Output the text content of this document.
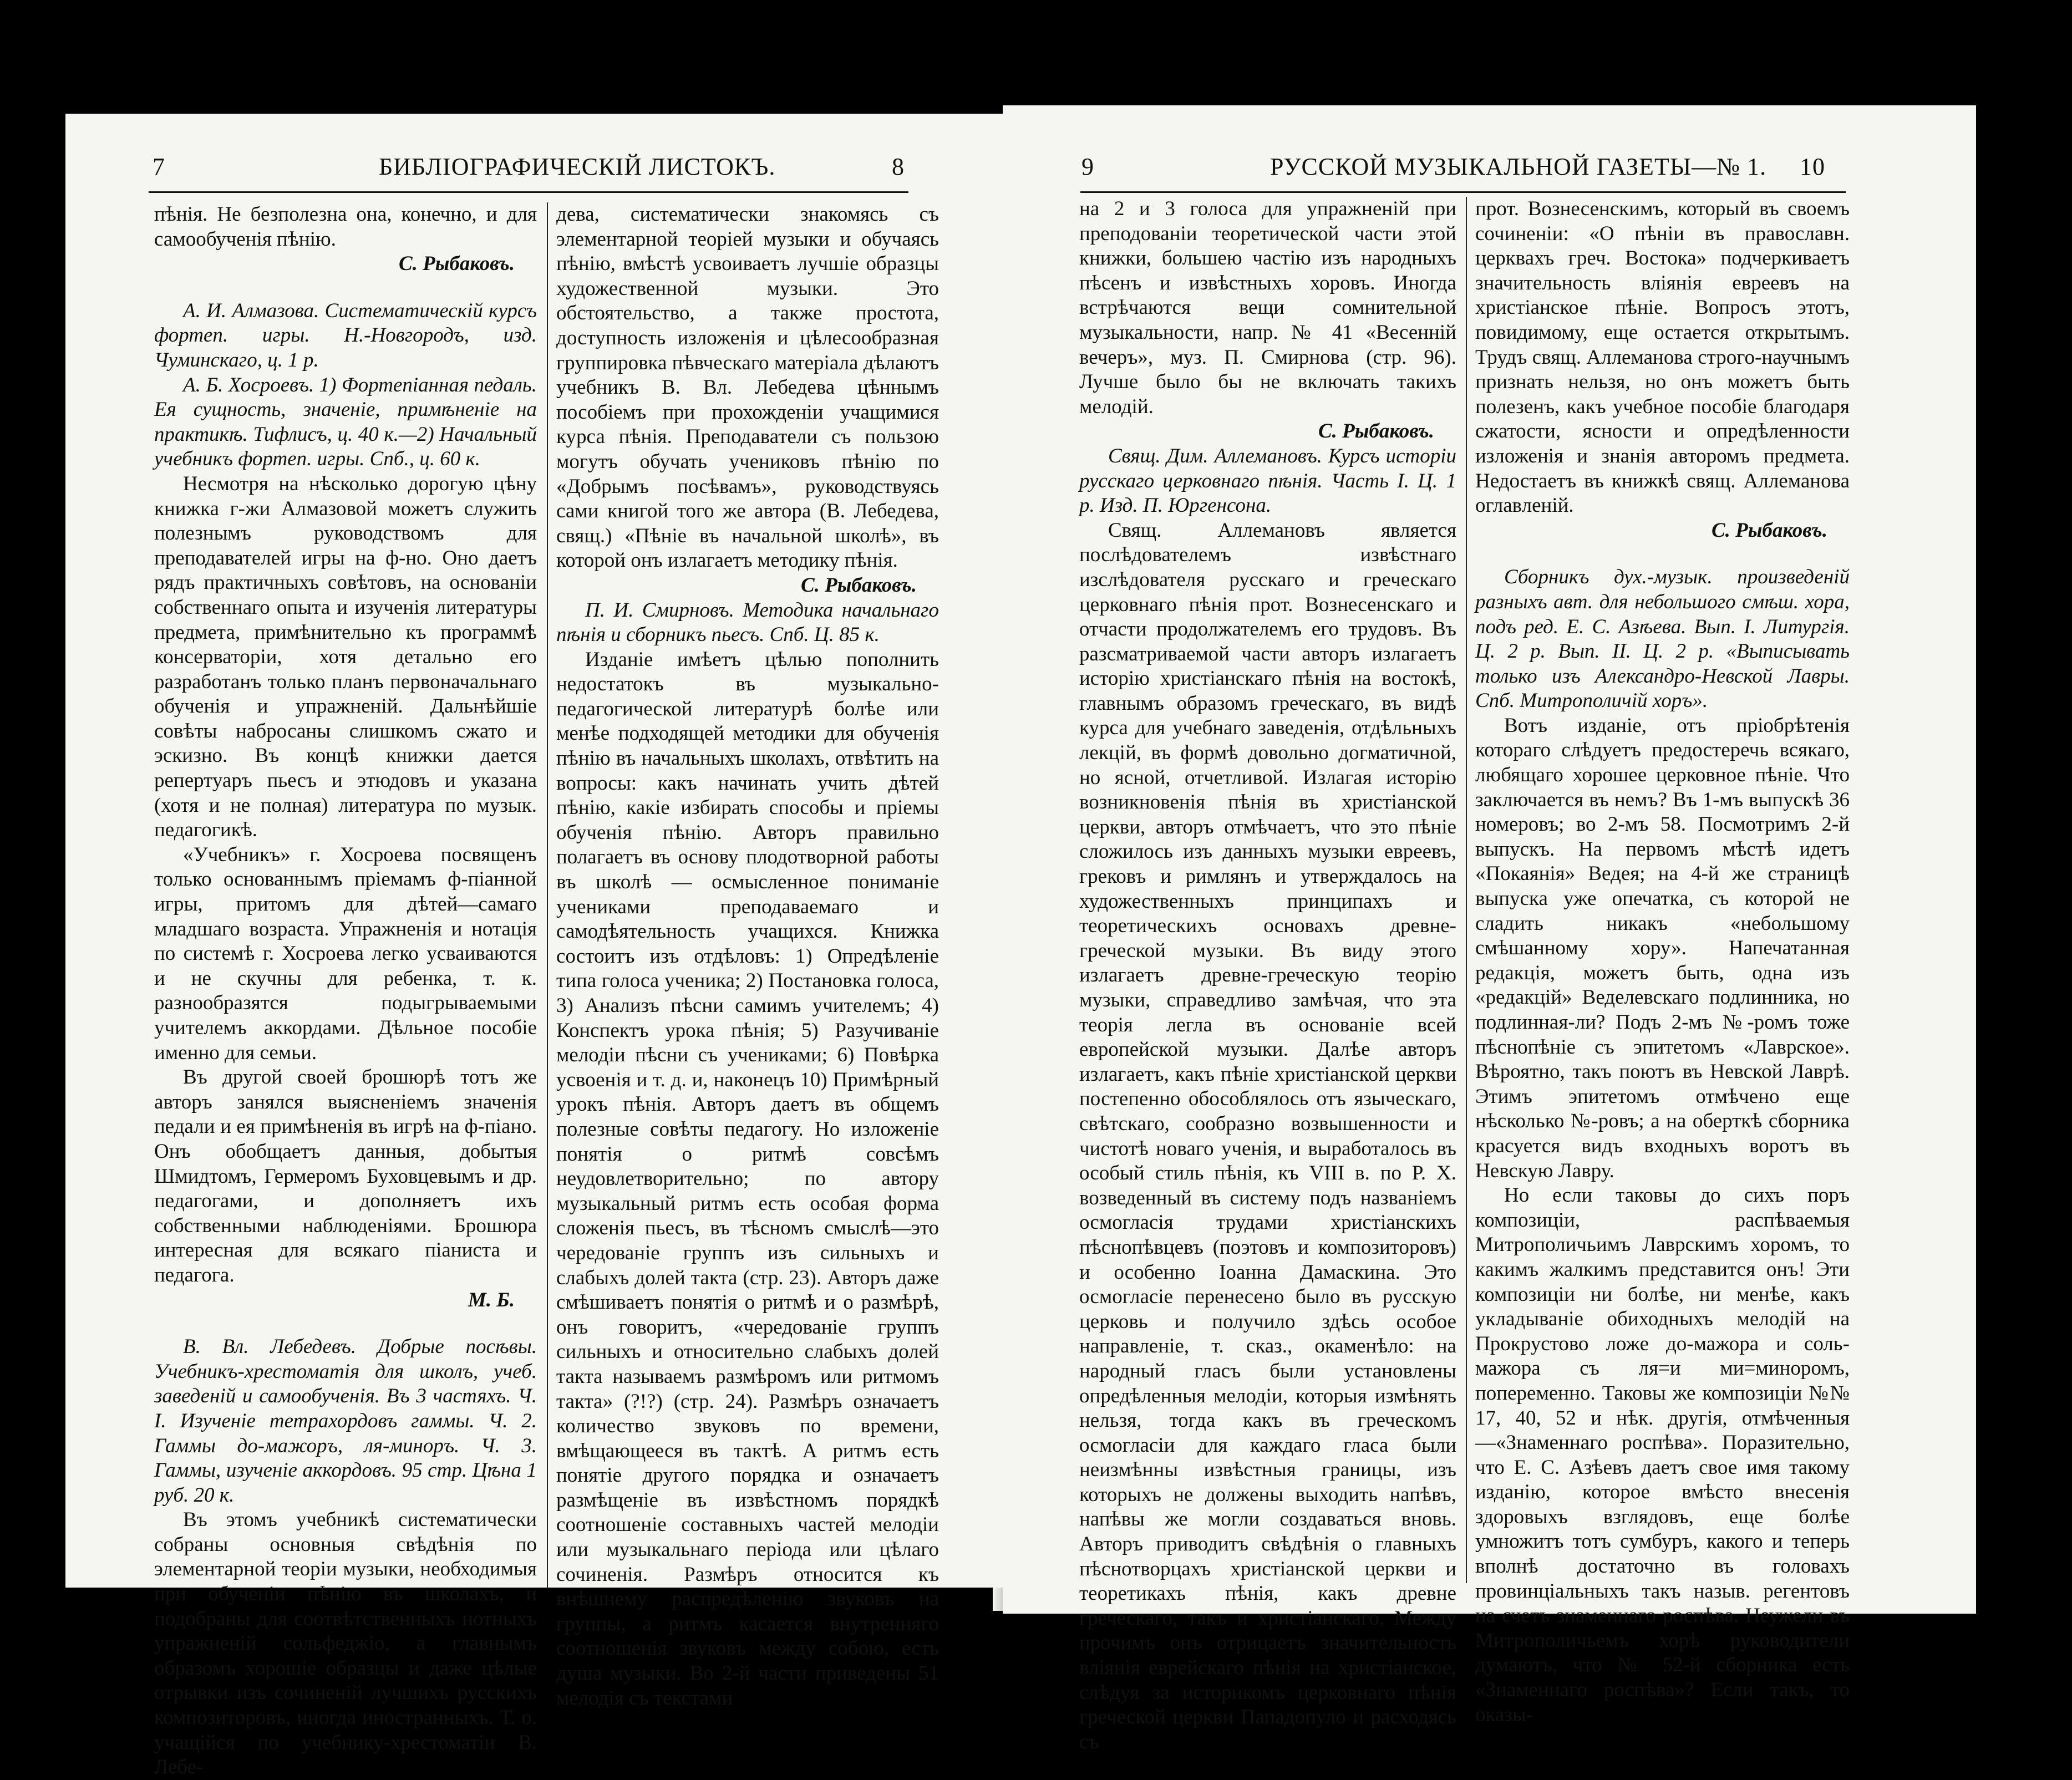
7	БИБЛІОГРАФИЧЕСКІЙ ЛИСТОКЪ.	8

пѣнія. Не безполезна она, конечно, и для самообученія пѣнію.

С. Рыбаковъ.

А. И. Алмазова. Систематическій курсъ фортеп. игры. Н.-Новгородъ, изд. Чуминскаго, ц. 1 р.

А. Б. Хосроевъ. 1) Фортепіанная педаль. Ея сущность, значеніе, примѣненіе на практикѣ. Тифлисъ, ц. 40 к.—2) Начальный учебникъ фортеп. игры. Спб., ц. 60 к.

Несмотря на нѣсколько дорогую цѣну книжка г-жи Алмазовой можетъ служить полезнымъ руководствомъ для преподавателей игры на ф-но. Оно даетъ рядъ практичныхъ совѣтовъ, на основаніи собственнаго опыта и изученія литературы предмета, примѣнительно къ программѣ консерваторіи, хотя детально его разработанъ только планъ первоначальнаго обученія и упражненій. Дальнѣйшіе совѣты набросаны слишкомъ сжато и эскизно. Въ концѣ книжки дается репертуаръ пьесъ и этюдовъ и указана (хотя и не полная) литература по музык. педагогикѣ.

«Учебникъ» г. Хосроева посвященъ только основаннымъ пріемамъ ф-піанной игры, притомъ для дѣтей—самаго младшаго возраста. Упражненія и нотація по системѣ г. Хосроева легко усваиваются и не скучны для ребенка, т. к. разнообразятся подыгрываемыми учителемъ аккордами. Дѣльное пособіе именно для семьи.

Въ другой своей брошюрѣ тотъ же авторъ занялся выясненіемъ значенія педали и ея примѣненія въ игрѣ на ф-піано. Онъ обобщаетъ данныя, добытыя Шмидтомъ, Гермеромъ Буховцевымъ и др. педагогами, и дополняетъ ихъ собственными наблюденіями. Брошюра интересная для всякаго піаниста и педагога.

М. Б.

В. Вл. Лебедевъ. Добрые посѣвы. Учебникъ-хрестоматія для школъ, учеб. заведеній и самообученія. Въ 3 частяхъ. Ч. I. Изученіе тетрахордовъ гаммы. Ч. 2. Гаммы до-мажоръ, ля-миноръ. Ч. 3. Гаммы, изученіе аккордовъ. 95 стр. Цѣна 1 руб. 20 к.

Въ этомъ учебникѣ систематически собраны основныя свѣдѣнія по элементарной теоріи музыки, необходимыя при обученіи пѣнію въ школахъ, и подобраны для соотвѣтственныхъ нотныхъ упражненій сольфеджіо, а главнымъ образомъ хорошіе образцы и даже цѣлые отрывки изъ сочиненій лучшихъ русскихъ композиторовъ, иногда иностранныхъ. Т. о. учащійся по учебнику-хрестоматіи В. Лебе-

дева, систематически знакомясь съ элементарной теоріей музыки и обучаясь пѣнію, вмѣстѣ усвоиваетъ лучшіе образцы художественной музыки. Это обстоятельство, а также простота, доступность изложенія и цѣлесообразная группировка пѣвческаго матеріала дѣлаютъ учебникъ В. Вл. Лебедева цѣннымъ пособіемъ при прохожденіи учащимися курса пѣнія. Преподаватели съ пользою могутъ обучать учениковъ пѣнію по «Добрымъ посѣвамъ», руководствуясь сами книгой того же автора (В. Лебедева, свящ.) «Пѣніе въ начальной школѣ», въ которой онъ излагаетъ методику пѣнія.

С. Рыбаковъ.

П. И. Смирновъ. Методика начальнаго пѣнія и сборникъ пьесъ. Спб. Ц. 85 к.

Изданіе имѣетъ цѣлью пополнить недостатокъ въ музыкально-педагогической литературѣ болѣе или менѣе подходящей методики для обученія пѣнію въ начальныхъ школахъ, отвѣтить на вопросы: какъ начинать учить дѣтей пѣнію, какіе избирать способы и пріемы обученія пѣнію. Авторъ правильно полагаетъ въ основу плодотворной работы въ школѣ — осмысленное пониманіе учениками преподаваемаго и самодѣятельность учащихся. Книжка состоитъ изъ отдѣловъ: 1) Опредѣленіе типа голоса ученика; 2) Постановка голоса, 3) Анализъ пѣсни самимъ учителемъ; 4) Конспектъ урока пѣнія; 5) Разучиваніе мелодіи пѣсни съ учениками; 6) Повѣрка усвоенія и т. д. и, наконецъ 10) Примѣрный урокъ пѣнія. Авторъ даетъ въ общемъ полезные совѣты педагогу. Но изложеніе понятія о ритмѣ совсѣмъ неудовлетворительно; по автору музыкальный ритмъ есть особая форма сложенія пьесъ, въ тѣсномъ смыслѣ—это чередованіе группъ изъ сильныхъ и слабыхъ долей такта (стр. 23). Авторъ даже смѣшиваетъ понятія о ритмѣ и о размѣрѣ, онъ говоритъ, «чередованіе группъ сильныхъ и относительно слабыхъ долей такта называемъ размѣромъ или ритмомъ такта» (?!?) (стр. 24). Размѣръ означаетъ количество звуковъ по времени, вмѣщающееся въ тактѣ. А ритмъ есть понятіе другого порядка и означаетъ размѣщеніе въ извѣстномъ порядкѣ соотношеніе составныхъ частей мелодіи или музыкальнаго періода или цѣлаго сочиненія. Размѣръ относится къ внѣшнему распредѣленію звуковъ на группы, а ритмъ касается внутренняго соотношенія звуковъ между собою, есть душа музыки. Во 2-й части приведены 51 мелодія съ текстами

9	РУССКОЙ МУЗЫКАЛЬНОЙ ГАЗЕТЫ—№ 1. 10

на 2 и 3 голоса для упражненій при преподованіи теоретической части этой книжки, большею частію изъ народныхъ пѣсенъ и извѣстныхъ хоровъ. Иногда встрѣчаются вещи сомнительной музыкальности, напр. № 41 «Весенній вечеръ», муз. П. Смирнова (стр. 96). Лучше было бы не включать такихъ мелодій.

С. Рыбаковъ.

Свящ. Дим. Аллемановъ. Курсъ исторіи русскаго церковнаго пѣнія. Часть I. Ц. 1 р. Изд. П. Юргенсона.

Свящ. Аллемановъ является послѣдователемъ извѣстнаго изслѣдователя русскаго и греческаго церковнаго пѣнія прот. Вознесенскаго и отчасти продолжателемъ его трудовъ. Въ разсматриваемой части авторъ излагаетъ исторію христіанскаго пѣнія на востокѣ, главнымъ образомъ греческаго, въ видѣ курса для учебнаго заведенія, отдѣльныхъ лекцій, въ формѣ довольно догматичной, но ясной, отчетливой. Излагая исторію возникновенія пѣнія въ христіанской церкви, авторъ отмѣчаетъ, что это пѣніе сложилось изъ данныхъ музыки евреевъ, грековъ и римлянъ и утверждалось на художественныхъ принципахъ и теоретическихъ основахъ древне-греческой музыки. Въ виду этого излагаетъ древне-греческую теорію музыки, справедливо замѣчая, что эта теорія легла въ основаніе всей европейской музыки. Далѣе авторъ излагаетъ, какъ пѣніе христіанской церкви постепенно обособлялось отъ языческаго, свѣтскаго, сообразно возвышенности и чистотѣ новаго ученія, и выработалось въ особый стиль пѣнія, къ VIII в. по Р. Х. возведенный въ систему подъ названіемъ осмогласія трудами христіанскихъ пѣснопѣвцевъ (поэтовъ и композиторовъ) и особенно Іоанна Дамаскина. Это осмогласіе перенесено было въ русскую церковь и получило здѣсь особое направленіе, т. сказ., окаменѣло: на народный гласъ были установлены опредѣленныя мелодіи, которыя измѣнять нельзя, тогда какъ въ греческомъ осмогласіи для каждаго гласа были неизмѣнны извѣстныя границы, изъ которыхъ не должены выходить напѣвъ, напѣвы же могли создаваться вновь. Авторъ приводитъ свѣдѣнія о главныхъ пѣснотворцахъ христіанской церкви и теоретикахъ пѣнія, какъ древне греческаго, такъ и христіанскаго. Между прочимъ онъ отрицаетъ значительность вліянія еврейскаго пѣнія на христіанское, слѣдуя за историкомъ церковнаго пѣнія греческой церкви Пападопуло и расходясь съ

прот. Вознесенскимъ, который въ своемъ сочиненіи: «О пѣніи въ православн. церквахъ греч. Востока» подчеркиваетъ значительность вліянія евреевъ на христіанское пѣніе. Вопросъ этотъ, повидимому, еще остается открытымъ. Трудъ свящ. Аллеманова строго-научнымъ признать нельзя, но онъ можетъ быть полезенъ, какъ учебное пособіе благодаря сжатости, ясности и опредѣленности изложенія и знанія авторомъ предмета. Недостаетъ въ книжкѣ свящ. Аллеманова оглавленій.

С. Рыбаковъ.

Сборникъ дух.-музык. произведеній разныхъ авт. для небольшого смѣш. хора, подъ ред. Е. С. Азѣева. Вып. I. Литургія. Ц. 2 р. Вып. II. Ц. 2 р. «Выписывать только изъ Александро-Невской Лавры. Спб. Митрополичій хоръ».

Вотъ изданіе, отъ пріобрѣтенія котораго слѣдуетъ предостеречь всякаго, любящаго хорошее церковное пѣніе. Что заключается въ немъ? Въ 1-мъ выпускѣ 36 номеровъ; во 2-мъ 58. Посмотримъ 2-й выпускъ. На первомъ мѣстѣ идетъ «Покаянія» Ведея; на 4-й же страницѣ выпуска уже опечатка, съ которой не сладить никакъ «небольшому смѣшанному хору». Напечатанная редакція, можетъ быть, одна изъ «редакцій» Веделевскаго подлинника, но подлинная-ли? Подъ 2-мъ №-ромъ тоже пѣснопѣніе съ эпитетомъ «Лаврское». Вѣроятно, такъ поютъ въ Невской Лаврѣ. Этимъ эпитетомъ отмѣчено еще нѣсколько №-ровъ; а на оберткѣ сборника красуется видъ входныхъ воротъ въ Невскую Лавру.

Но если таковы до сихъ поръ композиціи, распѣваемыя Митрополичьимъ Лаврскимъ хоромъ, то какимъ жалкимъ представится онъ! Эти композиціи ни болѣе, ни менѣе, какъ укладываніе обиходныхъ мелодій на Прокрустово ложе до-мажора и соль-мажора съ ля=и ми=миноромъ, попеременно. Таковы же композиціи №№ 17, 40, 52 и нѣк. другія, отмѣченныя—«Знаменнаго роспѣва». Поразительно, что Е. С. Азѣевъ даетъ свое имя такому изданію, которое вмѣсто внесенія здоровыхъ взглядовъ, еще болѣе умножитъ тотъ сумбуръ, какого и теперь вполнѣ достаточно въ головахъ провинціальныхъ такъ назыв. регентовъ на счетъ знаменнаго роспѣва. Неужели въ Митрополичьемъ хорѣ руководители думаютъ, что № 52-й сборника есть «Знаменнаго роспѣва»? Если такъ, то оказы-
